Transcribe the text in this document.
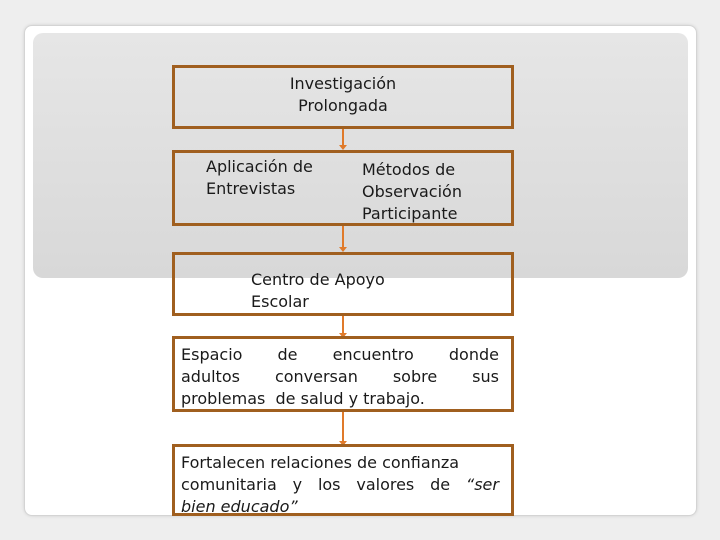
Investigación
Prolongada
Aplicación de
Entrevistas
Métodos de
Observación
Participante
Centro de Apoyo
Escolar
Espacio de encuentro donde
adultos conversan sobre sus
problemas  de salud y trabajo.
Fortalecen relaciones de confianza
comunitaria y los valores de “ser
bien educado”
